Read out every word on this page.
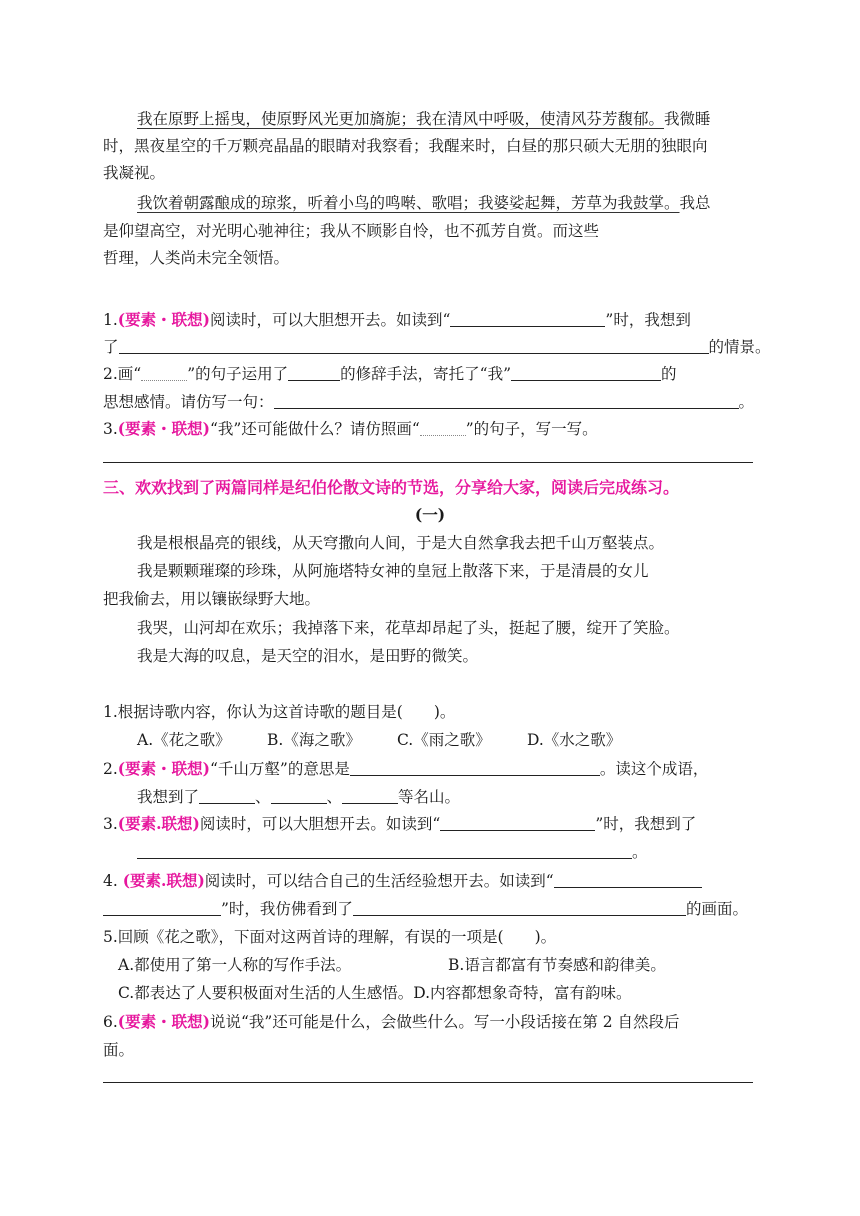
我在原野上摇曳，使原野风光更加旖旎；我在清风中呼吸，使清风芬芳馥郁。我微睡
时，黑夜星空的千万颗亮晶晶的眼睛对我察看；我醒来时，白昼的那只硕大无朋的独眼向
我凝视。
我饮着朝露酿成的琼浆，听着小鸟的鸣啭、歌唱；我婆娑起舞，芳草为我鼓掌。我总
是仰望高空，对光明心驰神往；我从不顾影自怜，也不孤芳自赏。而这些
哲理，人类尚未完全领悟。
1.(要素・联想)阅读时，可以大胆想开去。如读到“	”时，我想到
了	的情景。
2.画“	”的句子运用了	的修辞手法，寄托了“我”	的
思想感情。请仿写一句：	。
3.(要素・联想)“我”还可能做什么？请仿照画“	”的句子，写一写。
三、欢欢找到了两篇同样是纪伯伦散文诗的节选，分享给大家，阅读后完成练习。
(一)
我是根根晶亮的银线，从天穹撒向人间，于是大自然拿我去把千山万壑装点。
我是颗颗璀璨的珍珠，从阿施塔特女神的皇冠上散落下来，于是清晨的女儿
把我偷去，用以镶嵌绿野大地。
我哭，山河却在欢乐；我掉落下来，花草却昂起了头，挺起了腰，绽开了笑脸。
我是大海的叹息，是天空的泪水，是田野的微笑。
1.根据诗歌内容，你认为这首诗歌的题目是(　　)。
A.《花之歌》 B.《海之歌》 C.《雨之歌》 D.《水之歌》
2.(要素・联想)“千山万壑”的意思是	。读这个成语，
我想到了	、	、	等名山。
3.(要素.联想)阅读时，可以大胆想开去。如读到“	”时，我想到了
。
4. (要素.联想)阅读时，可以结合自己的生活经验想开去。如读到“
”时，我仿佛看到了	的画面。
5.回顾《花之歌》，下面对这两首诗的理解，有误的一项是(　　)。
A.都使用了第一人称的写作手法。	B.语言都富有节奏感和韵律美。
C.都表达了人要积极面对生活的人生感悟。D.内容都想象奇特，富有韵味。
6.(要素・联想)说说“我”还可能是什么，会做些什么。写一小段话接在第 2 自然段后
面。
